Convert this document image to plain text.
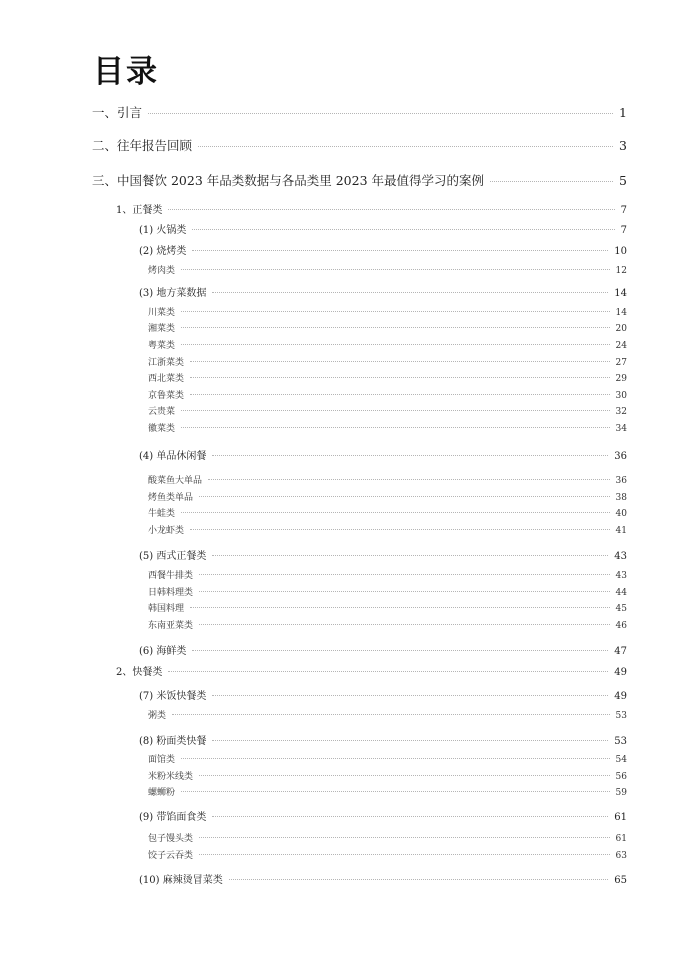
目录
一、引言	1
二、往年报告回顾	3
三、中国餐饮 2023 年品类数据与各品类里 2023 年最值得学习的案例	5
1、正餐类	7
(1) 火锅类	7
(2) 烧烤类	10
烤肉类	12
(3) 地方菜数据	14
川菜类	14
湘菜类	20
粤菜类	24
江浙菜类	27
西北菜类	29
京鲁菜类	30
云贵菜	32
徽菜类	34
(4) 单品休闲餐	36
酸菜鱼大单品	36
烤鱼类单品	38
牛蛙类	40
小龙虾类	41
(5) 西式正餐类	43
西餐牛排类	43
日韩料理类	44
韩国料理	45
东南亚菜类	46
(6) 海鲜类	47
2、快餐类	49
(7) 米饭快餐类	49
粥类	53
(8) 粉面类快餐	53
面馆类	54
米粉米线类	56
螺蛳粉	59
(9) 带馅面食类	61
包子馒头类	61
饺子云吞类	63
(10) 麻辣烫冒菜类	65
